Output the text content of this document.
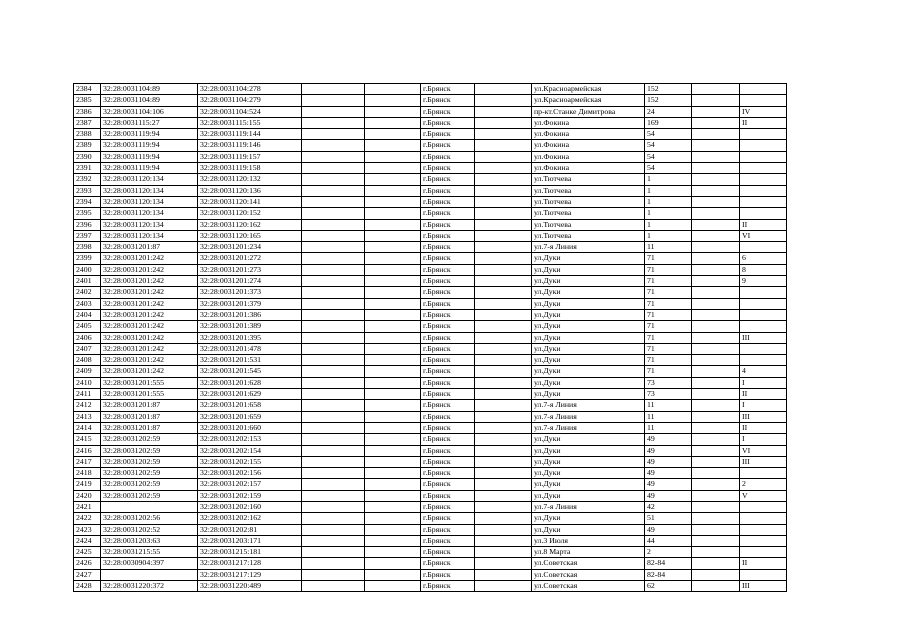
2384	32:28:0031104:89	32:28:0031104:278			г.Брянск		ул.Красноармейская	152		
2385	32:28:0031104:89	32:28:0031104:279			г.Брянск		ул.Красноармейская	152		
2386	32:28:0031104:106	32:28:0031104:524			г.Брянск		пр-кт.Станке Димитрова	24		IV
2387	32:28:0031115:27	32:28:0031115:155			г.Брянск		ул.Фокина	169		II
2388	32:28:0031119:94	32:28:0031119:144			г.Брянск		ул.Фокина	54		
2389	32:28:0031119:94	32:28:0031119:146			г.Брянск		ул.Фокина	54		
2390	32:28:0031119:94	32:28:0031119:157			г.Брянск		ул.Фокина	54		
2391	32:28:0031119:94	32:28:0031119:158			г.Брянск		ул.Фокина	54		
2392	32:28:0031120:134	32:28:0031120:132			г.Брянск		ул.Тютчева	1		
2393	32:28:0031120:134	32:28:0031120:136			г.Брянск		ул.Тютчева	1		
2394	32:28:0031120:134	32:28:0031120:141			г.Брянск		ул.Тютчева	1		
2395	32:28:0031120:134	32:28:0031120:152			г.Брянск		ул.Тютчева	1		
2396	32:28:0031120:134	32:28:0031120:162			г.Брянск		ул.Тютчева	1		II
2397	32:28:0031120:134	32:28:0031120:165			г.Брянск		ул.Тютчева	1		VI
2398	32:28:0031201:87	32:28:0031201:234			г.Брянск		ул.7-я Линия	11		
2399	32:28:0031201:242	32:28:0031201:272			г.Брянск		ул.Дуки	71		6
2400	32:28:0031201:242	32:28:0031201:273			г.Брянск		ул.Дуки	71		8
2401	32:28:0031201:242	32:28:0031201:274			г.Брянск		ул.Дуки	71		9
2402	32:28:0031201:242	32:28:0031201:373			г.Брянск		ул.Дуки	71		
2403	32:28:0031201:242	32:28:0031201:379			г.Брянск		ул.Дуки	71		
2404	32:28:0031201:242	32:28:0031201:386			г.Брянск		ул.Дуки	71		
2405	32:28:0031201:242	32:28:0031201:389			г.Брянск		ул.Дуки	71		
2406	32:28:0031201:242	32:28:0031201:395			г.Брянск		ул.Дуки	71		III
2407	32:28:0031201:242	32:28:0031201:478			г.Брянск		ул.Дуки	71		
2408	32:28:0031201:242	32:28:0031201:531			г.Брянск		ул.Дуки	71		
2409	32:28:0031201:242	32:28:0031201:545			г.Брянск		ул.Дуки	71		4
2410	32:28:0031201:555	32:28:0031201:628			г.Брянск		ул.Дуки	73		I
2411	32:28:0031201:555	32:28:0031201:629			г.Брянск		ул.Дуки	73		II
2412	32:28:0031201:87	32:28:0031201:658			г.Брянск		ул.7-я Линия	11		I
2413	32:28:0031201:87	32:28:0031201:659			г.Брянск		ул.7-я Линия	11		III
2414	32:28:0031201:87	32:28:0031201:660			г.Брянск		ул.7-я Линия	11		II
2415	32:28:0031202:59	32:28:0031202:153			г.Брянск		ул.Дуки	49		I
2416	32:28:0031202:59	32:28:0031202:154			г.Брянск		ул.Дуки	49		VI
2417	32:28:0031202:59	32:28:0031202:155			г.Брянск		ул.Дуки	49		III
2418	32:28:0031202:59	32:28:0031202:156			г.Брянск		ул.Дуки	49		
2419	32:28:0031202:59	32:28:0031202:157			г.Брянск		ул.Дуки	49		2
2420	32:28:0031202:59	32:28:0031202:159			г.Брянск		ул.Дуки	49		V
2421		32:28:0031202:160			г.Брянск		ул.7-я Линия	42		
2422	32:28:0031202:56	32:28:0031202:162			г.Брянск		ул.Дуки	51		
2423	32:28:0031202:52	32:28:0031202:81			г.Брянск		ул.Дуки	49		
2424	32:28:0031203:63	32:28:0031203:171			г.Брянск		ул.3 Июля	44		
2425	32:28:0031215:55	32:28:0031215:181			г.Брянск		ул.8 Марта	2		
2426	32:28:0030904:397	32:28:0031217:128			г.Брянск		ул.Советская	82-84		II
2427		32:28:0031217:129			г.Брянск		ул.Советская	82-84		
2428	32:28:0031220:372	32:28:0031220:489			г.Брянск		ул.Советская	62		III
